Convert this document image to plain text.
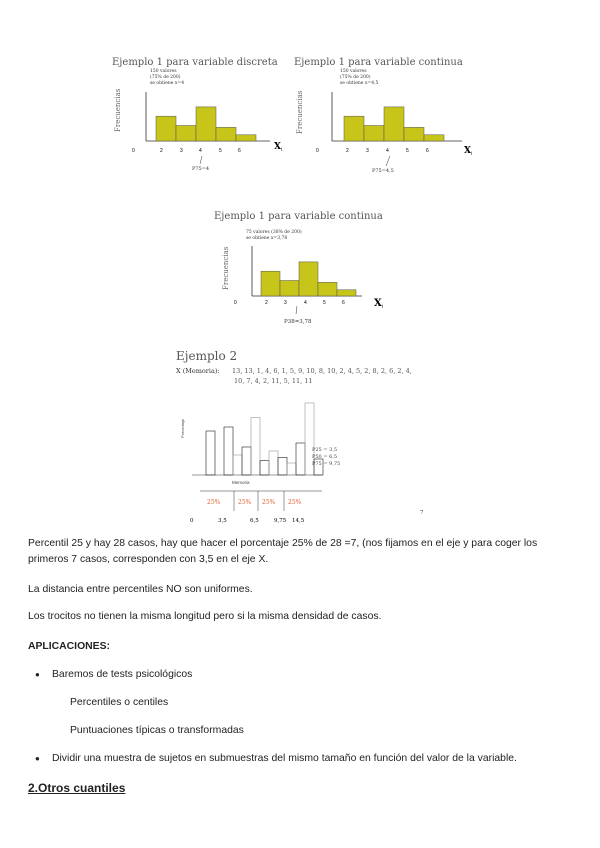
Ejemplo 1 para variable discreta
Frecuencias
150 valores
(75% de 200)
se obtiene x=4
0	2	3	4	5	6	X i
P75=4
Ejemplo 1 para variable continua
Frecuencias
150 valores
(75% de 200)
se obtiene x=4,5
0	2	3	4	5	6	X i
P75=4,5
Ejemplo 1 para variable continua
Frecuencias
75 valores (38% de 200)
se obtiene x=3,78
0	2	3	4	5	6	X i
P38=3,78
Ejemplo 2
X (Memoria): 13, 13, 1, 4, 6, 1, 5, 9, 10, 8, 10, 2, 4, 5, 2, 8, 2, 6, 2, 4,
10, 7, 4, 2, 11, 5, 11, 11
Porcentaje
Memoria
P25 = 3,5
P50 = 6,5
P75 = 9,75
25%	25% 25% 25%
0	3,5	6,5	9,75 14,5
7
Percentil 25 y hay 28 casos, hay que hacer el porcentaje 25% de 28 =7, (nos fijamos en el eje y para coger los primeros 7 casos, corresponden con 3,5 en el eje X.
La distancia entre percentiles NO son uniformes.
Los trocitos no tienen la misma longitud pero si la misma densidad de casos.
APLICACIONES:
● Baremos de tests psicológicos
Percentiles o centiles
Puntuaciones típicas o transformadas
● Dividir una muestra de sujetos en submuestras del mismo tamaño en función del valor de la variable.
2.Otros cuantiles
